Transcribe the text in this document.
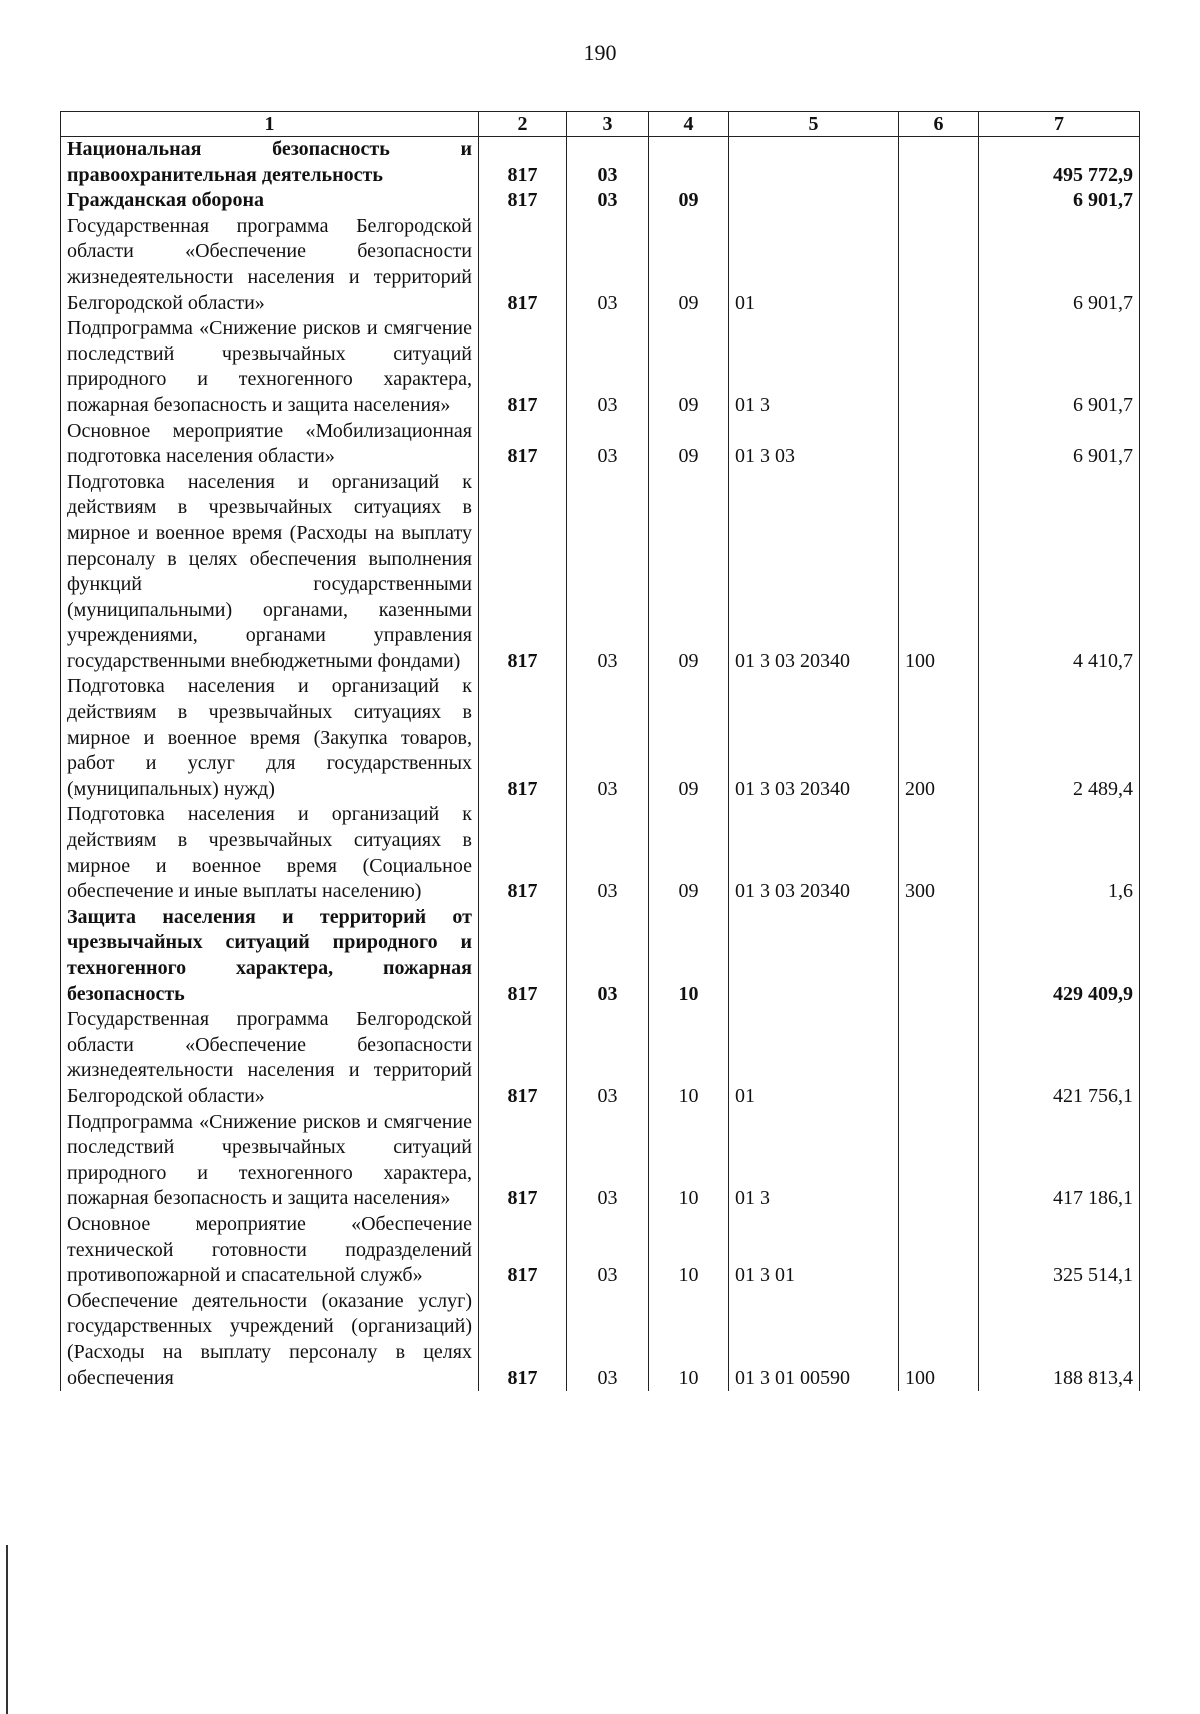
190
1	2	3	4	5	6	7
Национальная безопасность и правоохранительная деятельность	817	03				495 772,9
Гражданская оборона	817	03	09			6 901,7
Государственная программа Белгородской области «Обеспечение безопасности жизнедеятельности населения и территорий Белгородской области»	817	03	09	01		6 901,7
Подпрограмма «Снижение рисков и смягчение последствий чрезвычайных ситуаций природного и техногенного характера, пожарная безопасность и защита населения»	817	03	09	01 3		6 901,7
Основное мероприятие «Мобилизационная подготовка населения области»	817	03	09	01 3 03		6 901,7
Подготовка населения и организаций к действиям в чрезвычайных ситуациях в мирное и военное время (Расходы на выплату персоналу в целях обеспечения выполнения функций государственными (муниципальными) органами, казенными учреждениями, органами управления государственными внебюджетными фондами)	817	03	09	01 3 03 20340	100	4 410,7
Подготовка населения и организаций к действиям в чрезвычайных ситуациях в мирное и военное время (Закупка товаров, работ и услуг для государственных (муниципальных) нужд)	817	03	09	01 3 03 20340	200	2 489,4
Подготовка населения и организаций к действиям в чрезвычайных ситуациях в мирное и военное время (Социальное обеспечение и иные выплаты населению)	817	03	09	01 3 03 20340	300	1,6
Защита населения и территорий от чрезвычайных ситуаций природного и техногенного характера, пожарная безопасность	817	03	10			429 409,9
Государственная программа Белгородской области «Обеспечение безопасности жизнедеятельности населения и территорий Белгородской области»	817	03	10	01		421 756,1
Подпрограмма «Снижение рисков и смягчение последствий чрезвычайных ситуаций природного и техногенного характера, пожарная безопасность и защита населения»	817	03	10	01 3		417 186,1
Основное мероприятие «Обеспечение технической готовности подразделений противопожарной и спасательной служб»	817	03	10	01 3 01		325 514,1
Обеспечение деятельности (оказание услуг) государственных учреждений (организаций) (Расходы на выплату персоналу в целях обеспечения	817	03	10	01 3 01 00590	100	188 813,4
